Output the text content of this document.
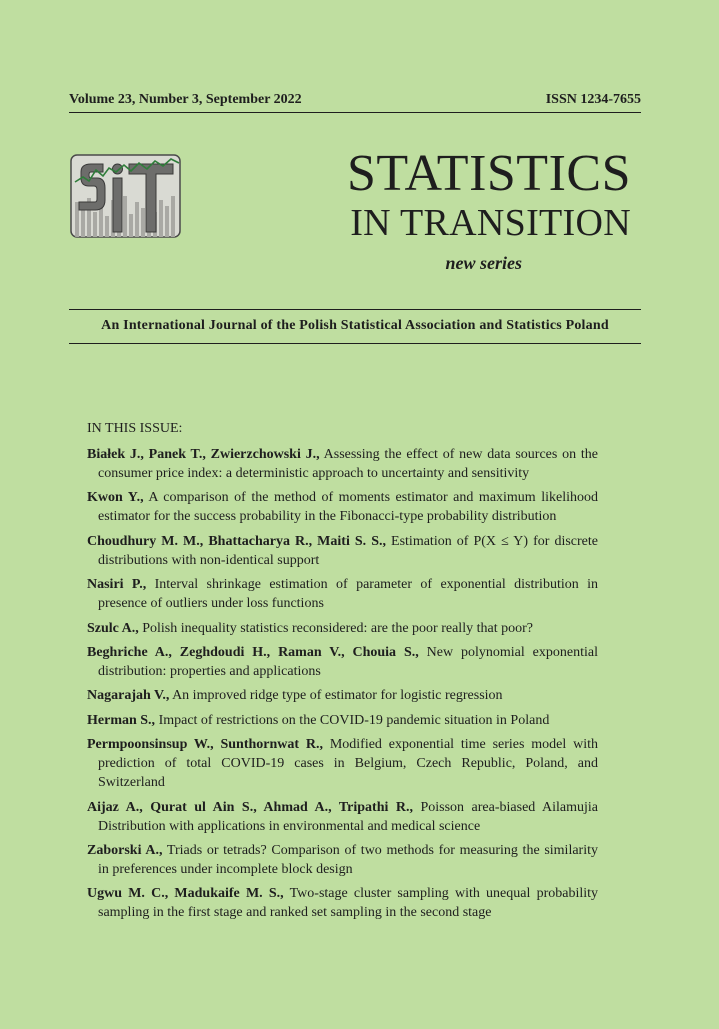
Volume 23, Number 3, September 2022	ISSN 1234-7655
STATISTICS
IN TRANSITION
new series
An International Journal of the Polish Statistical Association and Statistics Poland
IN THIS ISSUE:
Białek J., Panek T., Zwierzchowski J., Assessing the effect of new data sources on the consumer price index: a deterministic approach to uncertainty and sensitivity
Kwon Y., A comparison of the method of moments estimator and maximum likelihood estimator for the success probability in the Fibonacci-type probability distribution
Choudhury M. M., Bhattacharya R., Maiti S. S., Estimation of P(X ≤ Y) for discrete distributions with non-identical support
Nasiri P., Interval shrinkage estimation of parameter of exponential distribution in presence of outliers under loss functions
Szulc A., Polish inequality statistics reconsidered: are the poor really that poor?
Beghriche A., Zeghdoudi H., Raman V., Chouia S., New polynomial exponential distribution: properties and applications
Nagarajah V., An improved ridge type of estimator for logistic regression
Herman S., Impact of restrictions on the COVID-19 pandemic situation in Poland
Permpoonsinsup W., Sunthornwat R., Modified exponential time series model with prediction of total COVID-19 cases in Belgium, Czech Republic, Poland, and Switzerland
Aijaz A., Qurat ul Ain S., Ahmad A., Tripathi R., Poisson area-biased Ailamujia Distribution with applications in environmental and medical science
Zaborski A., Triads or tetrads? Comparison of two methods for measuring the similarity in preferences under incomplete block design
Ugwu M. C., Madukaife M. S., Two-stage cluster sampling with unequal probability sampling in the first stage and ranked set sampling in the second stage
